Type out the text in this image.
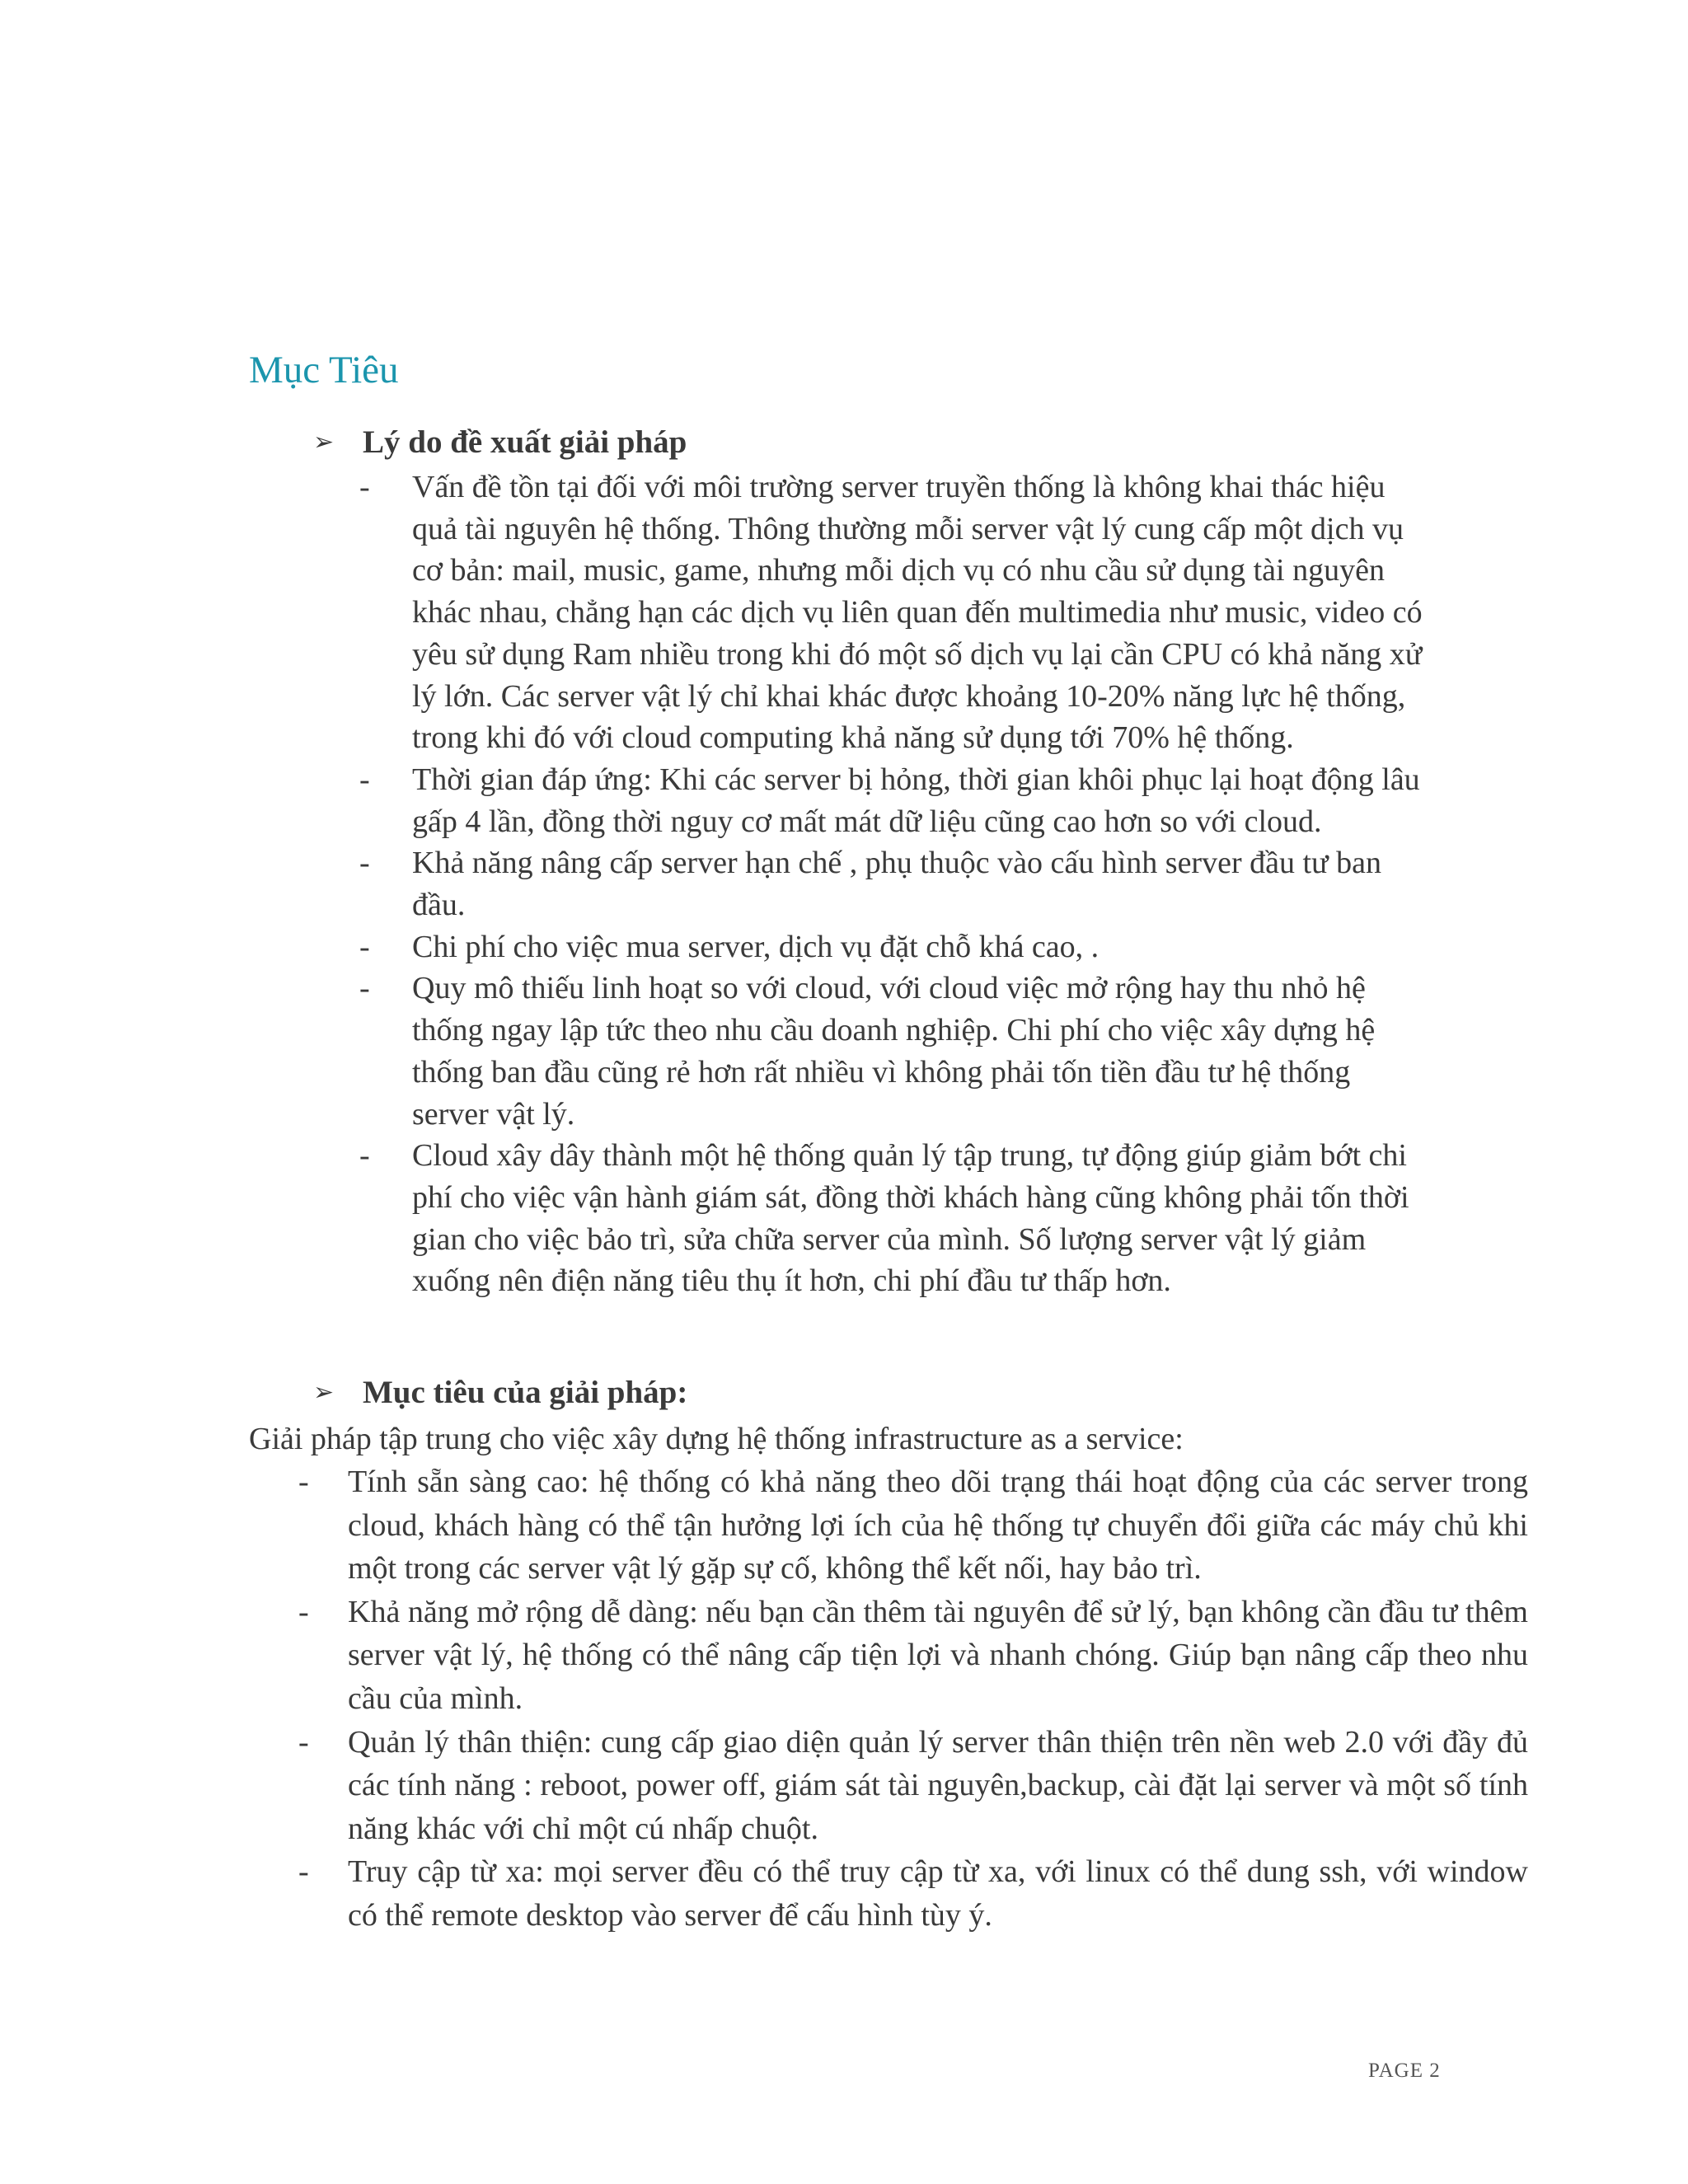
Mục Tiêu
➢ Lý do đề xuất giải pháp
- Vấn đề tồn tại đối với môi trường server truyền thống là không khai thác hiệu quả tài nguyên hệ thống. Thông thường mỗi server vật lý cung cấp một dịch vụ cơ bản: mail, music, game, nhưng mỗi dịch vụ có nhu cầu sử dụng tài nguyên khác nhau, chẳng hạn các dịch vụ liên quan đến multimedia như music, video có yêu sử dụng Ram nhiều trong khi đó một số dịch vụ lại cần CPU có khả năng xử lý lớn. Các server vật lý chỉ khai khác được khoảng 10-20% năng lực hệ thống, trong khi đó với cloud computing khả năng sử dụng tới 70% hệ thống.
- Thời gian đáp ứng: Khi các server bị hỏng, thời gian khôi phục lại hoạt động lâu gấp 4 lần, đồng thời nguy cơ mất mát dữ liệu cũng cao hơn so với cloud.
- Khả năng nâng cấp server hạn chế , phụ thuộc vào cấu hình server đầu tư ban đầu.
- Chi phí cho việc mua server, dịch vụ đặt chỗ khá cao, .
- Quy mô thiếu linh hoạt so với cloud, với cloud việc mở rộng hay thu nhỏ hệ thống ngay lập tức theo nhu cầu doanh nghiệp. Chi phí cho việc xây dựng hệ thống ban đầu cũng rẻ hơn rất nhiều vì không phải tốn tiền đầu tư hệ thống server vật lý.
- Cloud xây dây thành một hệ thống quản lý tập trung, tự động giúp giảm bớt chi phí cho việc vận hành giám sát, đồng thời khách hàng cũng không phải tốn thời gian cho việc bảo trì, sửa chữa server của mình. Số lượng server vật lý giảm xuống nên điện năng tiêu thụ ít hơn, chi phí đầu tư thấp hơn.
➢ Mục tiêu của giải pháp:

Giải pháp tập trung cho việc xây dựng hệ thống infrastructure as a service:

- Tính sẵn sàng cao: hệ thống có khả năng theo dõi trạng thái hoạt động của các server trong cloud, khách hàng có thể tận hưởng lợi ích của hệ thống tự chuyển đổi giữa các máy chủ khi một trong các server vật lý gặp sự cố, không thể kết nối, hay bảo trì.
- Khả năng mở rộng dễ dàng: nếu bạn cần thêm tài nguyên để sử lý, bạn không cần đầu tư thêm server vật lý, hệ thống có thể nâng cấp tiện lợi và nhanh chóng. Giúp bạn nâng cấp theo nhu cầu của mình.
- Quản lý thân thiện: cung cấp giao diện quản lý server thân thiện trên nền web 2.0 với đầy đủ các tính năng : reboot, power off, giám sát tài nguyên,backup, cài đặt lại server và một số tính năng khác với chỉ một cú nhấp chuột.
- Truy cập từ xa: mọi server đều có thể truy cập từ xa, với linux có thể dung ssh, với window có thể remote desktop vào server để cấu hình tùy ý.
PAGE 2
